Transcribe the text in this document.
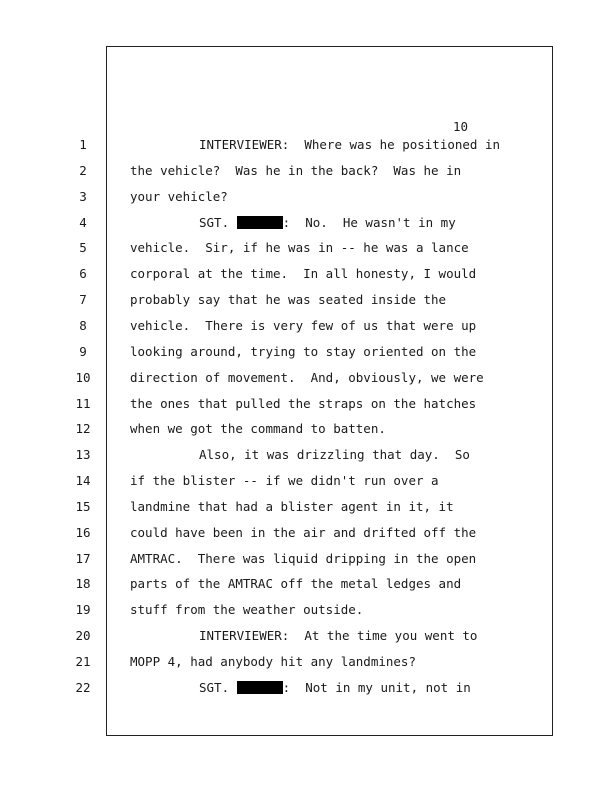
10
1	INTERVIEWER:  Where was he positioned in
2	the vehicle?  Was he in the back?  Was he in
3	your vehicle?
4	SGT.	:  No.  He wasn't in my
5	vehicle.  Sir, if he was in -- he was a lance
6	corporal at the time.  In all honesty, I would
7	probably say that he was seated inside the
8	vehicle.  There is very few of us that were up
9	looking around, trying to stay oriented on the
10	direction of movement.  And, obviously, we were
11	the ones that pulled the straps on the hatches
12	when we got the command to batten.
13	Also, it was drizzling that day.  So
14	if the blister -- if we didn't run over a
15	landmine that had a blister agent in it, it
16	could have been in the air and drifted off the
17	AMTRAC.  There was liquid dripping in the open
18	parts of the AMTRAC off the metal ledges and
19	stuff from the weather outside.
20	INTERVIEWER:  At the time you went to
21	MOPP 4, had anybody hit any landmines?
22	SGT.	:  Not in my unit, not in
